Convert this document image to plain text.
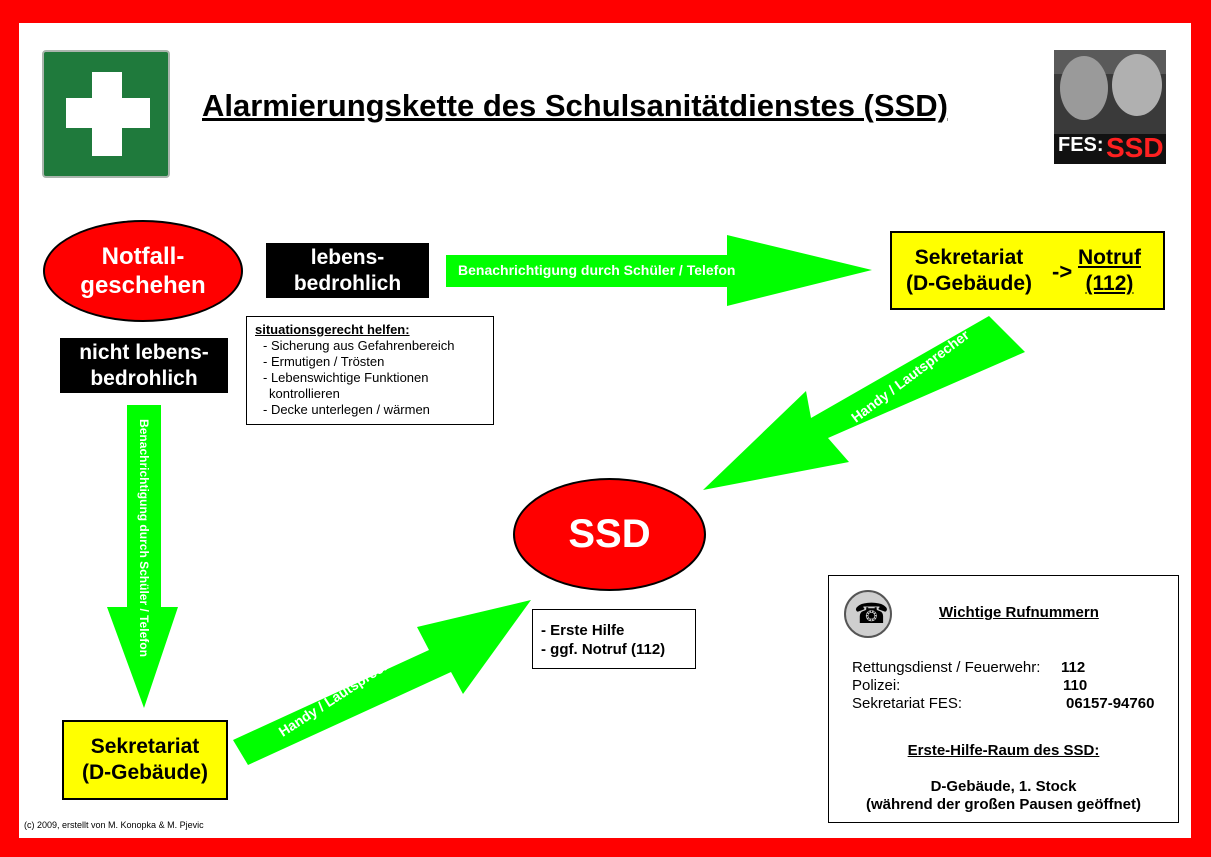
Alarmierungskette des Schulsanitätdienstes (SSD)
FES: SSD
Notfall-
geschehen
lebens-
bedrohlich
nicht lebens-
bedrohlich
situationsgerecht helfen:
- Sicherung aus Gefahrenbereich
- Ermutigen / Trösten
- Lebenswichtige Funktionen kontrollieren
- Decke unterlegen / wärmen
Sekretariat
(D-Gebäude) ->
Notruf
(112)
SSD
- Erste Hilfe
- ggf. Notruf (112)
Sekretariat
(D-Gebäude)
Benachrichtigung durch Schüler / Telefon
Handy / Lautsprecher
Handy / Lautsprecher
Benachrichtigung durch Schüler / Telefon	☎	Wichtige Rufnummern
Rettungsdienst / Feuerwehr:
Polizei:
Sekretariat FES:
112
110
06157-94760
Erste-Hilfe-Raum des SSD:
D-Gebäude, 1. Stock
(während der großen Pausen geöffnet)
(c) 2009, erstellt von M. Konopka & M. Pjevic
